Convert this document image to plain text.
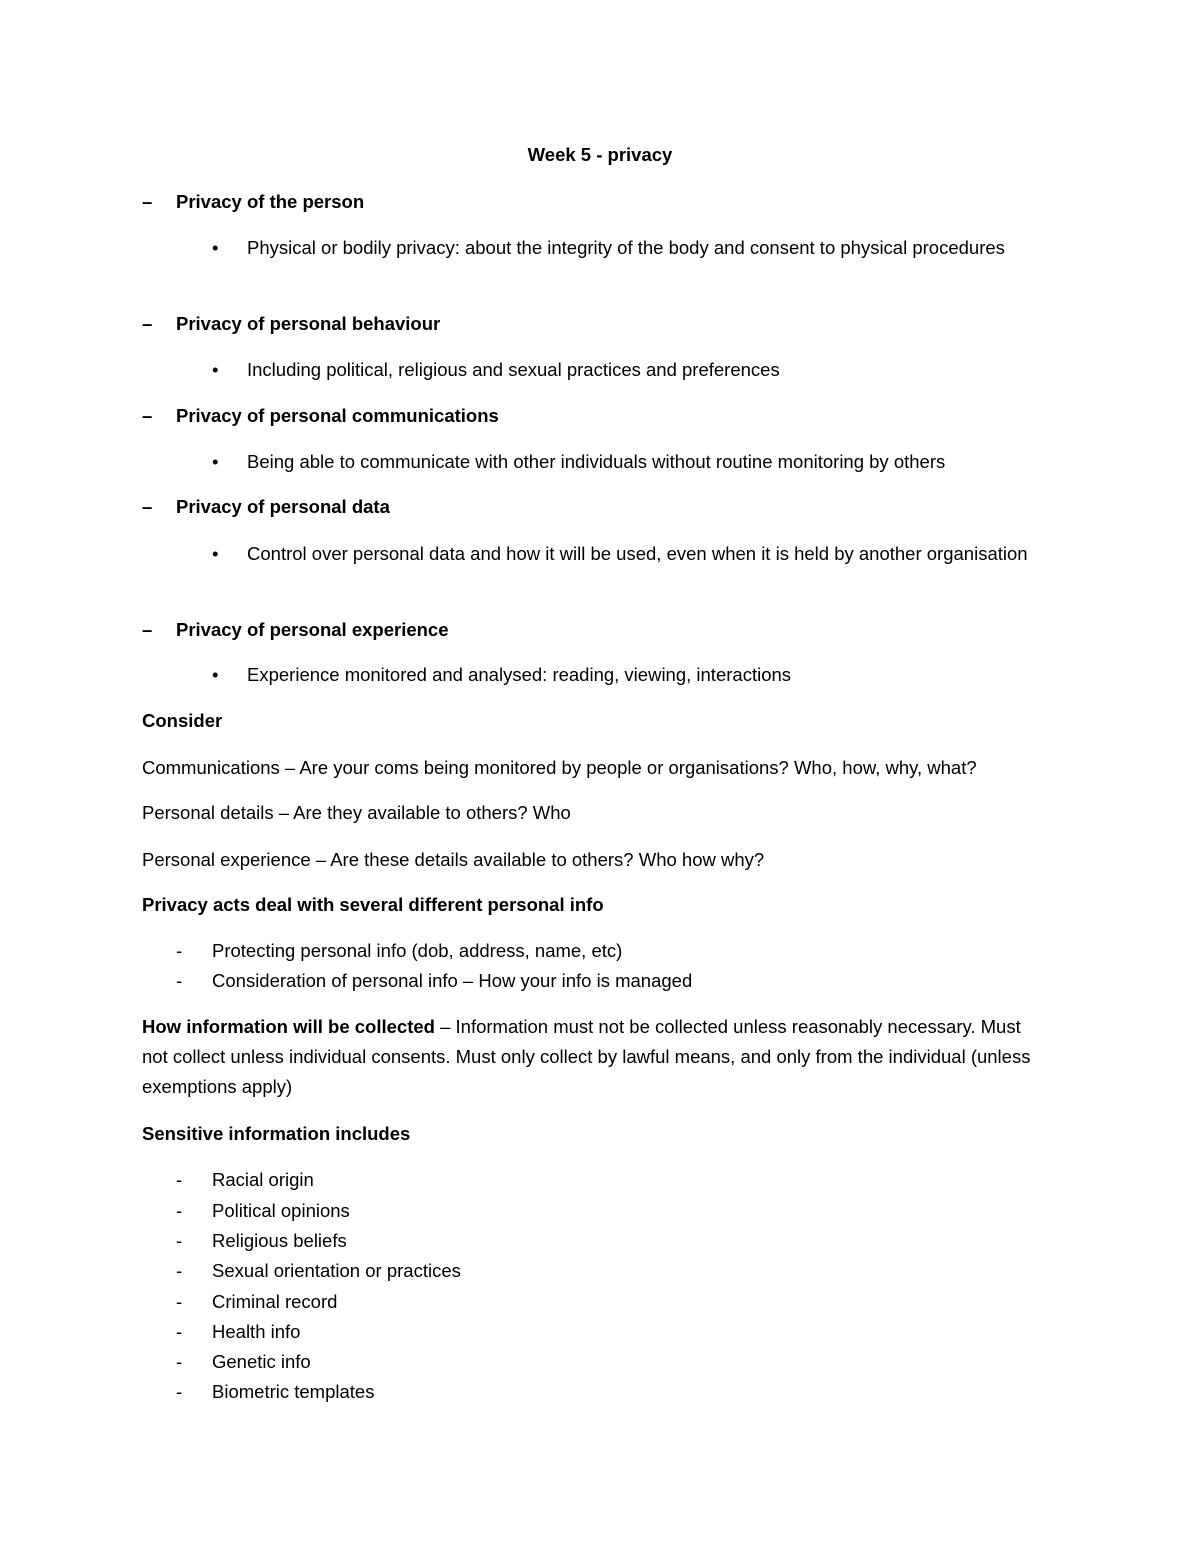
Week 5 - privacy
– Privacy of the person
• Physical or bodily privacy: about the integrity of the body and consent to physical procedures
– Privacy of personal behaviour
• Including political, religious and sexual practices and preferences
– Privacy of personal communications
• Being able to communicate with other individuals without routine monitoring by others
– Privacy of personal data
• Control over personal data and how it will be used, even when it is held by another organisation
– Privacy of personal experience
• Experience monitored and analysed: reading, viewing, interactions
Consider
Communications – Are your coms being monitored by people or organisations? Who, how, why, what?
Personal details – Are they available to others? Who
Personal experience – Are these details available to others? Who how why?
Privacy acts deal with several different personal info
- Protecting personal info (dob, address, name, etc)
- Consideration of personal info – How your info is managed
How information will be collected – Information must not be collected unless reasonably necessary. Must not collect unless individual consents. Must only collect by lawful means, and only from the individual (unless exemptions apply)
Sensitive information includes
- Racial origin
- Political opinions
- Religious beliefs
- Sexual orientation or practices
- Criminal record
- Health info
- Genetic info
- Biometric templates
